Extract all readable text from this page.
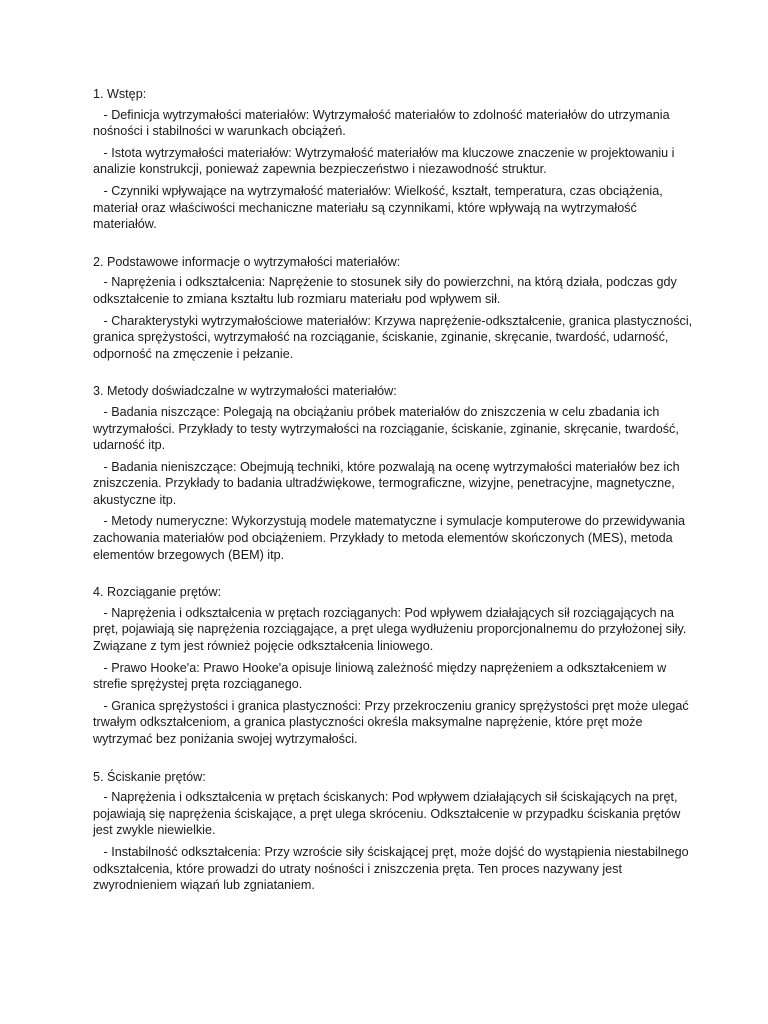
1. Wstęp:
- Definicja wytrzymałości materiałów: Wytrzymałość materiałów to zdolność materiałów do utrzymania nośności i stabilności w warunkach obciążeń.
- Istota wytrzymałości materiałów: Wytrzymałość materiałów ma kluczowe znaczenie w projektowaniu i analizie konstrukcji, ponieważ zapewnia bezpieczeństwo i niezawodność struktur.
- Czynniki wpływające na wytrzymałość materiałów: Wielkość, kształt, temperatura, czas obciążenia, materiał oraz właściwości mechaniczne materiału są czynnikami, które wpływają na wytrzymałość materiałów.
2. Podstawowe informacje o wytrzymałości materiałów:
- Naprężenia i odkształcenia: Naprężenie to stosunek siły do powierzchni, na którą działa, podczas gdy odkształcenie to zmiana kształtu lub rozmiaru materiału pod wpływem sił.
- Charakterystyki wytrzymałościowe materiałów: Krzywa naprężenie-odkształcenie, granica plastyczności, granica sprężystości, wytrzymałość na rozciąganie, ściskanie, zginanie, skręcanie, twardość, udarność, odporność na zmęczenie i pełzanie.
3. Metody doświadczalne w wytrzymałości materiałów:
- Badania niszczące: Polegają na obciążaniu próbek materiałów do zniszczenia w celu zbadania ich wytrzymałości. Przykłady to testy wytrzymałości na rozciąganie, ściskanie, zginanie, skręcanie, twardość, udarność itp.
- Badania nieniszczące: Obejmują techniki, które pozwalają na ocenę wytrzymałości materiałów bez ich zniszczenia. Przykłady to badania ultradźwiękowe, termograficzne, wizyjne, penetracyjne, magnetyczne, akustyczne itp.
- Metody numeryczne: Wykorzystują modele matematyczne i symulacje komputerowe do przewidywania zachowania materiałów pod obciążeniem. Przykłady to metoda elementów skończonych (MES), metoda elementów brzegowych (BEM) itp.
4. Rozciąganie prętów:
- Naprężenia i odkształcenia w prętach rozciąganych: Pod wpływem działających sił rozciągających na pręt, pojawiają się naprężenia rozciągające, a pręt ulega wydłużeniu proporcjonalnemu do przyłożonej siły. Związane z tym jest również pojęcie odkształcenia liniowego.
- Prawo Hooke'a: Prawo Hooke'a opisuje liniową zależność między naprężeniem a odkształceniem w strefie sprężystej pręta rozciąganego.
- Granica sprężystości i granica plastyczności: Przy przekroczeniu granicy sprężystości pręt może ulegać trwałym odkształceniom, a granica plastyczności określa maksymalne naprężenie, które pręt może wytrzymać bez poniżania swojej wytrzymałości.
5. Ściskanie prętów:
- Naprężenia i odkształcenia w prętach ściskanych: Pod wpływem działających sił ściskających na pręt, pojawiają się naprężenia ściskające, a pręt ulega skróceniu. Odkształcenie w przypadku ściskania prętów jest zwykle niewielkie.
- Instabilność odkształcenia: Przy wzroście siły ściskającej pręt, może dojść do wystąpienia niestabilnego odkształcenia, które prowadzi do utraty nośności i zniszczenia pręta. Ten proces nazywany jest zwyrodnieniem wiązań lub zgniataniem.
